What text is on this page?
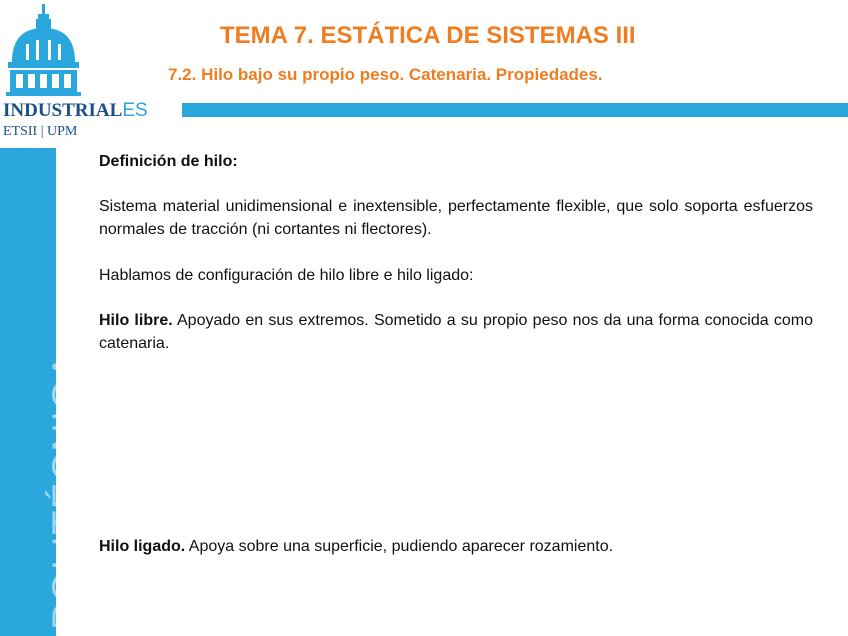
INDUSTRIALES
ETSII | UPM
TEMA 7. ESTÁTICA DE SISTEMAS III
7.2. Hilo bajo su propio peso. Catenaria. Propiedades.
POLITÉCNICA

Definición de hilo:

Sistema material unidimensional e inextensible, perfectamente flexible, que solo soporta esfuerzos normales de tracción (ni cortantes ni flectores).

Hablamos de configuración de hilo libre e hilo ligado:

Hilo libre. Apoyado en sus extremos. Sometido a su propio peso nos da una forma conocida como catenaria.

Hilo ligado. Apoya sobre una superficie, pudiendo aparecer rozamiento.
